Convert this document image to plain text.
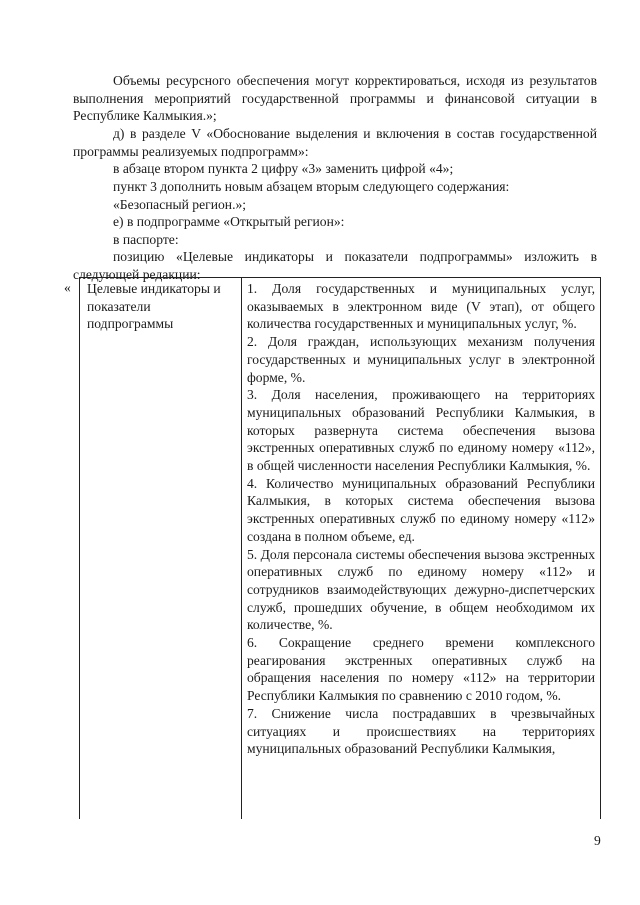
Объемы ресурсного обеспечения могут корректироваться, исходя из результатов выполнения мероприятий государственной программы и финансовой ситуации в Республике Калмыкия.»;

д) в разделе V «Обоснование выделения и включения в состав государственной программы реализуемых подпрограмм»:

в абзаце втором пункта 2 цифру «3» заменить цифрой «4»;

пункт 3 дополнить новым абзацем вторым следующего содержания:

«Безопасный регион.»;

е) в подпрограмме «Открытый регион»:

в паспорте:

позицию «Целевые индикаторы и показатели подпрограммы» изложить в следующей редакции:

« Целевые индикаторы и показатели подпрограммы

1. Доля государственных и муниципальных услуг, оказываемых в электронном виде (V этап), от общего количества государственных и муниципальных услуг, %.

2. Доля граждан, использующих механизм получения государственных и муниципальных услуг в электронной форме, %.

3. Доля населения, проживающего на территориях муниципальных образований Республики Калмыкия, в которых развернута система обеспечения вызова экстренных оперативных служб по единому номеру «112», в общей численности населения Республики Калмыкия, %.

4. Количество муниципальных образований Республики Калмыкия, в которых система обеспечения вызова экстренных оперативных служб по единому номеру «112» создана в полном объеме, ед.

5. Доля персонала системы обеспечения вызова экстренных оперативных служб по единому номеру «112» и сотрудников взаимодействующих дежурно-диспетчерских служб, прошедших обучение, в общем необходимом их количестве, %.

6. Сокращение среднего времени комплексного реагирования экстренных оперативных служб на обращения населения по номеру «112» на территории Республики Калмыкия по сравнению с 2010 годом, %.

7. Снижение числа пострадавших в чрезвычайных ситуациях и происшествиях на территориях муниципальных образований Республики Калмыкия,

9
